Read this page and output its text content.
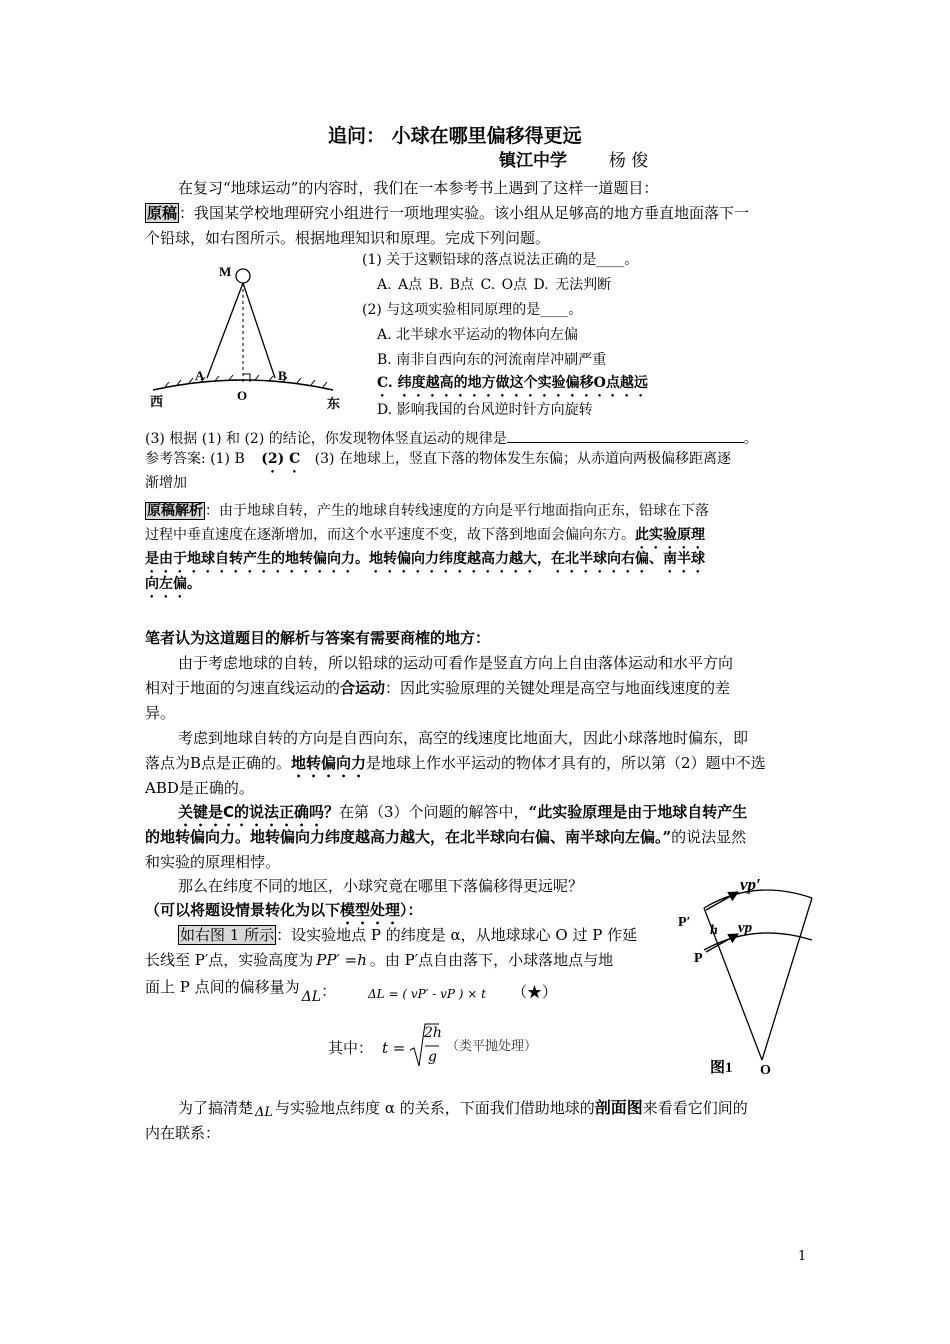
追问： 小球在哪里偏移得更远
镇江中学 杨 俊
在复习“地球运动”的内容时，我们在一本参考书上遇到了这样一道题目：
原稿 ：我国某学校地理研究小组进行一项地理实验。该小组从足够高的地方垂直地面落下一
个铅球，如右图所示。根据地理知识和原理。完成下列问题。
M
A	B
O
西	东
(1) 关于这颗铅球的落点说法正确的是____。
A. A点 B. B点 C. O点 D. 无法判断
(2) 与这项实验相同原理的是____。
A. 北半球水平运动的物体向左偏
B. 南非自西向东的河流南岸冲刷严重
C. 纬度越高的地方做这个实验偏移O点越远
D. 影响我国的台风逆时针方向旋转
(3) 根据 (1) 和 (2) 的结论，你发现物体竖直运动的规律是	。
参考答案: (1) B (2) C (3) 在地球上，竖直下落的物体发生东偏；从赤道向两极偏移距离逐
渐增加
原稿解析 ：由于地球自转，产生的地球自转线速度的方向是平行地面指向正东，铅球在下落
过程中垂直速度在逐渐增加，而这个水平速度不变，故下落到地面会偏向东方。此实验原理
是由于地球自转产生的地转偏向力。地转偏向力纬度越高力越大，在北半球向右偏、南半球
向左偏。
笔者认为这道题目的解析与答案有需要商榷的地方：
由于考虑地球的自转，所以铅球的运动可看作是竖直方向上自由落体运动和水平方向
相对于地面的匀速直线运动的合运动：因此实验原理的关键处理是高空与地面线速度的差
异。
考虑到地球自转的方向是自西向东，高空的线速度比地面大，因此小球落地时偏东，即
落点为B点是正确的。地转偏向力是地球上作水平运动的物体才具有的，所以第（2）题中不选
ABD是正确的。
关键是C的说法正确吗？在第（3）个问题的解答中，“此实验原理是由于地球自转产生
的地转偏向力。地转偏向力纬度越高力越大，在北半球向右偏、南半球向左偏。”的说法显然
和实验的原理相悖。
那么在纬度不同的地区，小球究竟在哪里下落偏移得更远呢？
（可以将题设情景转化为以下模型处理）：
如右图 1 所示 ：设实验地点 P 的纬度是 α，从地球球心 O 过 P 作延
长线至 P′点，实验高度为 PP′ =h 。由 P′点自由落下，小球落地点与地
面上 P 点间的偏移量为ΔL：	ΔL = ( vP′ - vP ) × t （★）
其中： t =
2h
g
（类平抛处理）
vp′
vp
P′
h
P
图1 O
为了搞清楚 ΔL 与实验地点纬度 α 的关系，下面我们借助地球的剖面图来看看它们间的
内在联系：
1
